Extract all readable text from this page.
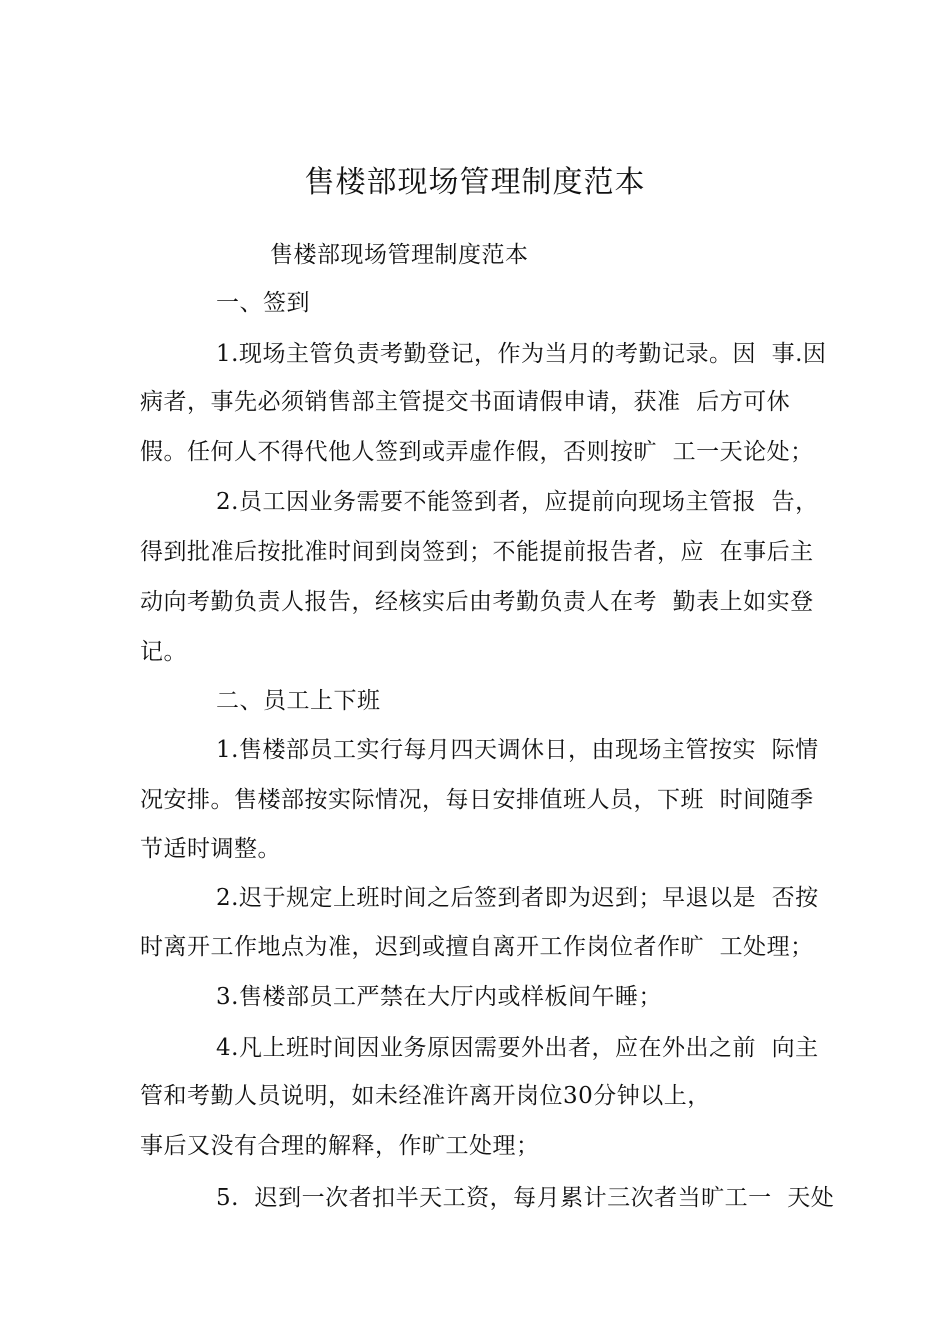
售楼部现场管理制度范本
售楼部现场管理制度范本
一、签到
1.现场主管负责考勤登记，作为当月的考勤记录。因  事.因
病者，事先必须销售部主管提交书面请假申请，获准  后方可休
假。任何人不得代他人签到或弄虚作假，否则按旷  工一天论处；
2.员工因业务需要不能签到者，应提前向现场主管报  告，
得到批准后按批准时间到岗签到；不能提前报告者，应  在事后主
动向考勤负责人报告，经核实后由考勤负责人在考  勤表上如实登
记。
二、员工上下班
1.售楼部员工实行每月四天调休日，由现场主管按实  际情
况安排。售楼部按实际情况，每日安排值班人员，下班  时间随季
节适时调整。
2.迟于规定上班时间之后签到者即为迟到；早退以是  否按
时离开工作地点为准，迟到或擅自离开工作岗位者作旷  工处理；
3.售楼部员工严禁在大厅内或样板间午睡；
4.凡上班时间因业务原因需要外出者，应在外出之前  向主
管和考勤人员说明，如未经准许离开岗位30分钟以上，
事后又没有合理的解释，作旷工处理；
5.  迟到一次者扣半天工资，每月累计三次者当旷工一  天处
